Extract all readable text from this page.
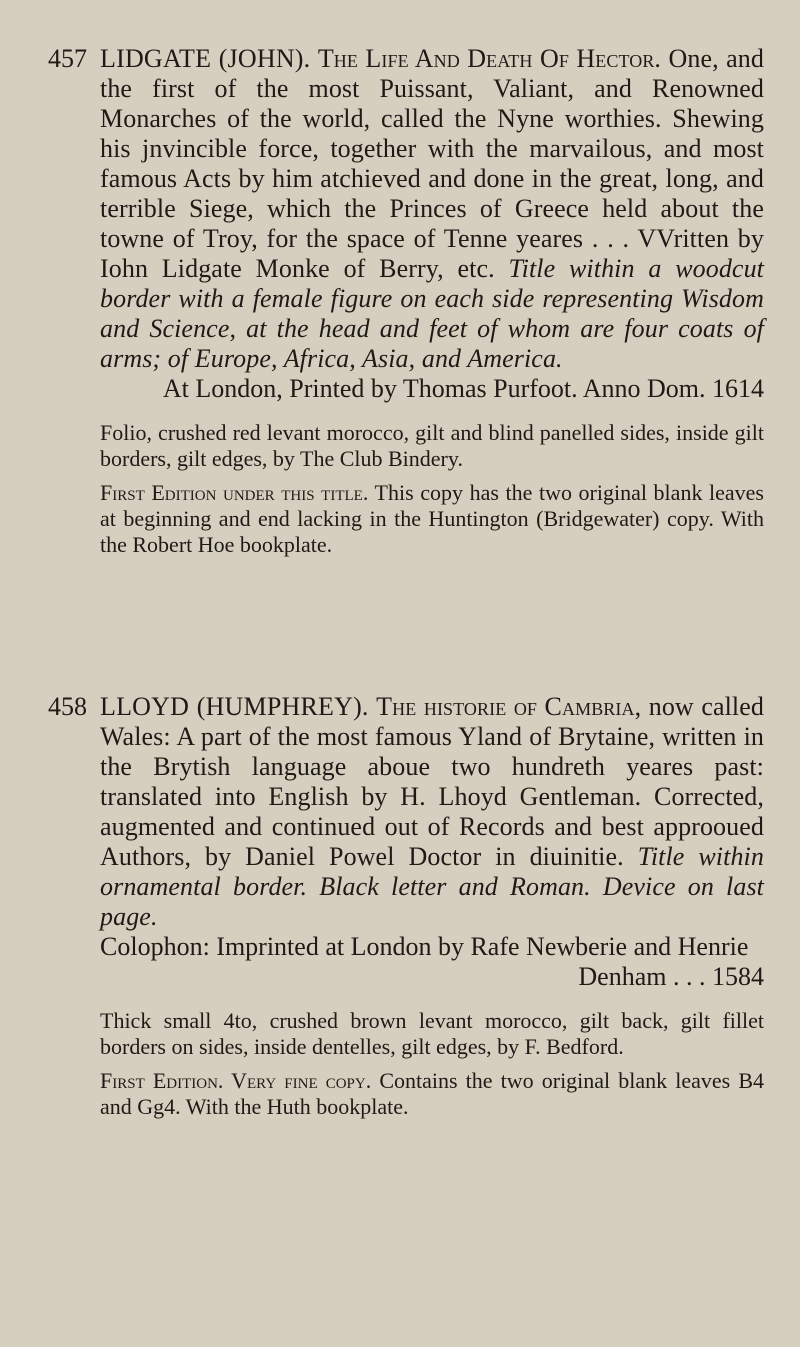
457 LIDGATE (JOHN). The Life And Death Of Hector. One, and the first of the most Puissant, Valiant, and Renowned Monarches of the world, called the Nyne worthies. Shewing his jnvincible force, together with the marvailous, and most famous Acts by him atchieved and done in the great, long, and terrible Siege, which the Princes of Greece held about the towne of Troy, for the space of Tenne yeares . . . VVritten by Iohn Lidgate Monke of Berry, etc. Title within a woodcut border with a female figure on each side representing Wisdom and Science, at the head and feet of whom are four coats of arms; of Europe, Africa, Asia, and America.

At London, Printed by Thomas Purfoot. Anno Dom. 1614

Folio, crushed red levant morocco, gilt and blind panelled sides, inside gilt borders, gilt edges, by The Club Bindery.

First Edition under this title. This copy has the two original blank leaves at beginning and end lacking in the Huntington (Bridgewater) copy. With the Robert Hoe bookplate.

458 LLOYD (HUMPHREY). The historie of Cambria, now called Wales: A part of the most famous Yland of Brytaine, written in the Brytish language aboue two hundreth yeares past: translated into English by H. Lhoyd Gentleman. Corrected, augmented and continued out of Records and best approoued Authors, by Daniel Powel Doctor in diuinitie. Title within ornamental border. Black letter and Roman. Device on last page.

Colophon: Imprinted at London by Rafe Newberie and Henrie

Denham . . . 1584

Thick small 4to, crushed brown levant morocco, gilt back, gilt fillet borders on sides, inside dentelles, gilt edges, by F. Bedford.

First Edition. Very fine copy. Contains the two original blank leaves B4 and Gg4. With the Huth bookplate.
